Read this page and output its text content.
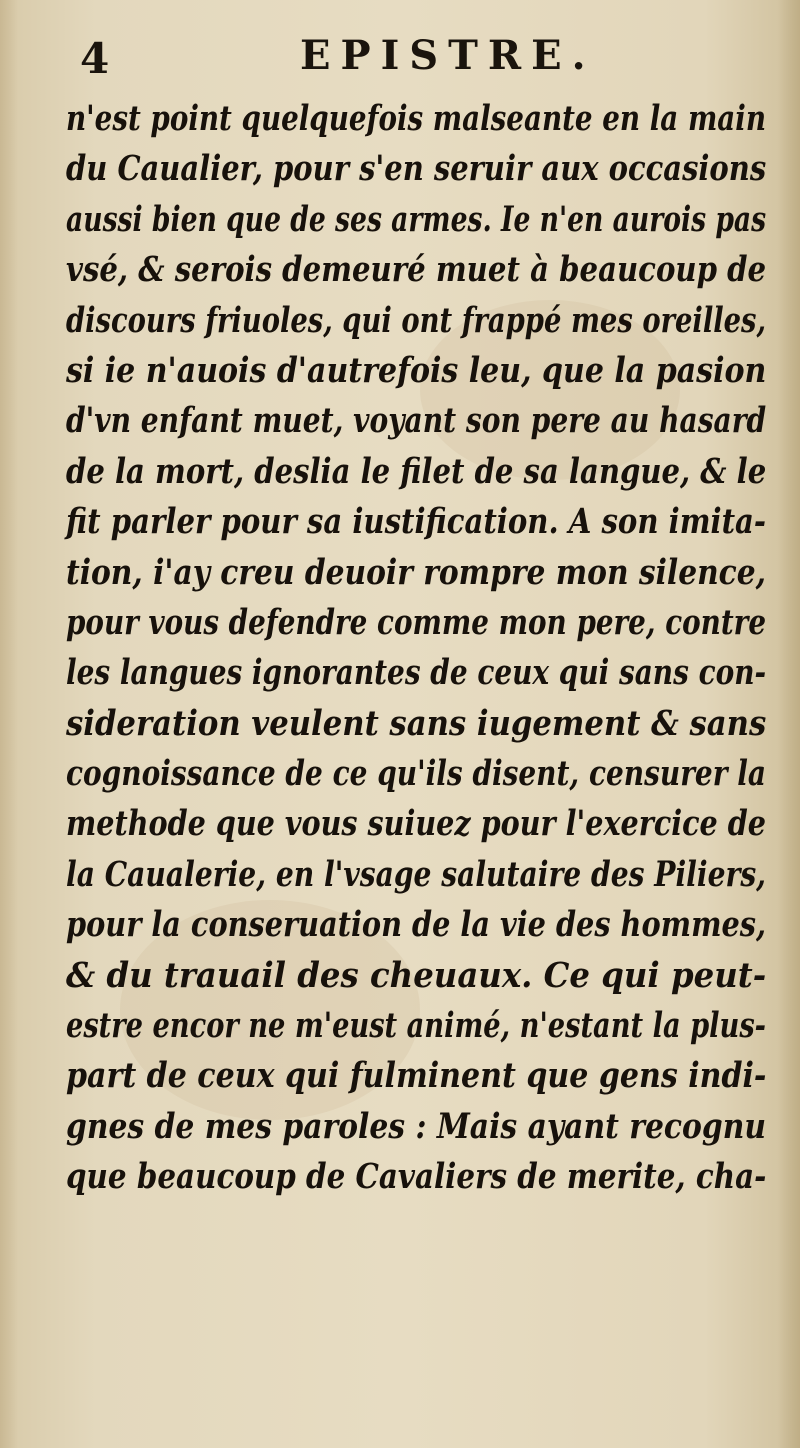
4	EPISTRE.
n'est point quelquefois malseante en la main
du Caualier, pour s'en seruir aux occasions
aussi bien que de ses armes. Ie n'en aurois pas
vsé, & serois demeuré muet à beaucoup de
discours friuoles, qui ont frappé mes oreilles,
si ie n'auois d'autrefois leu, que la pasion
d'vn enfant muet, voyant son pere au hasard
de la mort, deslia le filet de sa langue, & le
fit parler pour sa iustification. A son imita-
tion, i'ay creu deuoir rompre mon silence,
pour vous defendre comme mon pere, contre
les langues ignorantes de ceux qui sans con-
sideration veulent sans iugement & sans
cognoissance de ce qu'ils disent, censurer la
methode que vous suiuez pour l'exercice de
la Caualerie, en l'vsage salutaire des Piliers,
pour la conseruation de la vie des hommes,
& du trauail des cheuaux. Ce qui peut-
estre encor ne m'eust animé, n'estant la plus-
part de ceux qui fulminent que gens indi-
gnes de mes paroles : Mais ayant recognu
que beaucoup de Cavaliers de merite, cha-
